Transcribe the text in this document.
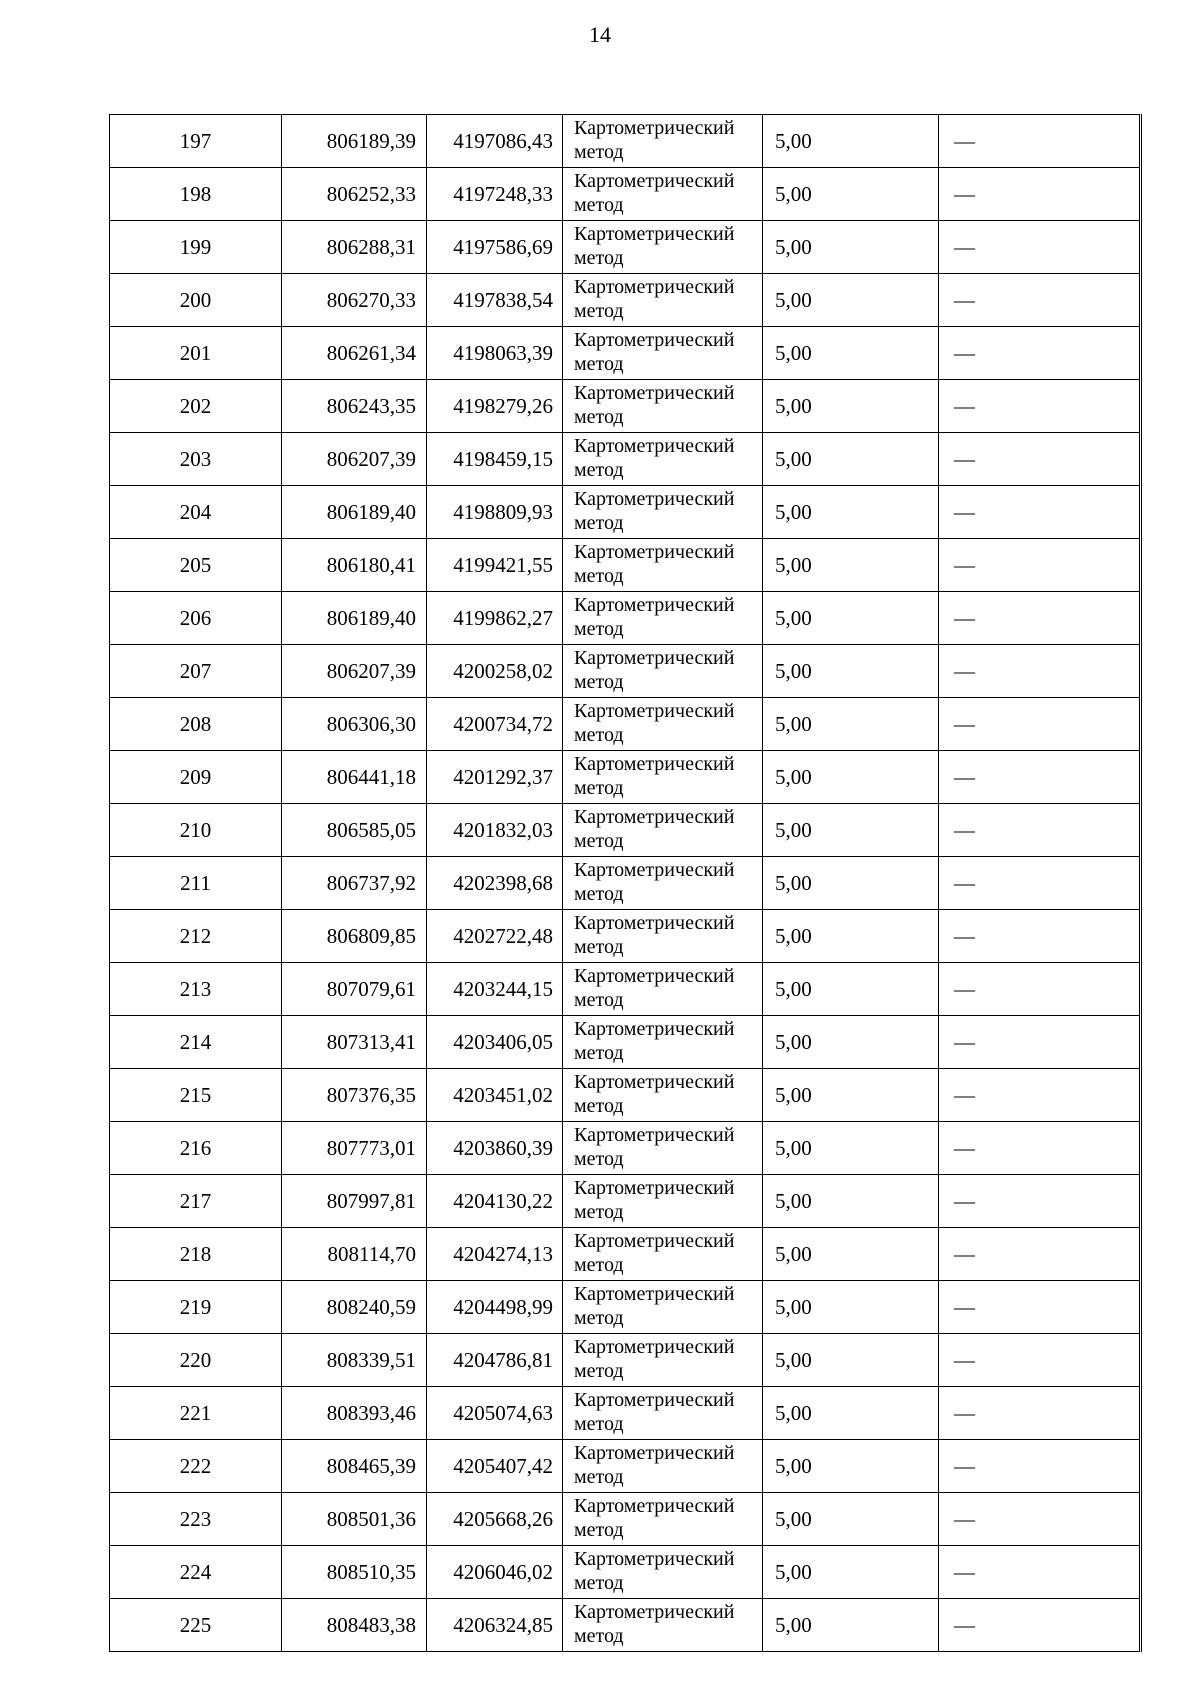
14
197	806189,39	4197086,43	Картометрический
метод	5,00	—
198	806252,33	4197248,33	Картометрический
метод	5,00	—
199	806288,31	4197586,69	Картометрический
метод	5,00	—
200	806270,33	4197838,54	Картометрический
метод	5,00	—
201	806261,34	4198063,39	Картометрический
метод	5,00	—
202	806243,35	4198279,26	Картометрический
метод	5,00	—
203	806207,39	4198459,15	Картометрический
метод	5,00	—
204	806189,40	4198809,93	Картометрический
метод	5,00	—
205	806180,41	4199421,55	Картометрический
метод	5,00	—
206	806189,40	4199862,27	Картометрический
метод	5,00	—
207	806207,39	4200258,02	Картометрический
метод	5,00	—
208	806306,30	4200734,72	Картометрический
метод	5,00	—
209	806441,18	4201292,37	Картометрический
метод	5,00	—
210	806585,05	4201832,03	Картометрический
метод	5,00	—
211	806737,92	4202398,68	Картометрический
метод	5,00	—
212	806809,85	4202722,48	Картометрический
метод	5,00	—
213	807079,61	4203244,15	Картометрический
метод	5,00	—
214	807313,41	4203406,05	Картометрический
метод	5,00	—
215	807376,35	4203451,02	Картометрический
метод	5,00	—
216	807773,01	4203860,39	Картометрический
метод	5,00	—
217	807997,81	4204130,22	Картометрический
метод	5,00	—
218	808114,70	4204274,13	Картометрический
метод	5,00	—
219	808240,59	4204498,99	Картометрический
метод	5,00	—
220	808339,51	4204786,81	Картометрический
метод	5,00	—
221	808393,46	4205074,63	Картометрический
метод	5,00	—
222	808465,39	4205407,42	Картометрический
метод	5,00	—
223	808501,36	4205668,26	Картометрический
метод	5,00	—
224	808510,35	4206046,02	Картометрический
метод	5,00	—
225	808483,38	4206324,85	Картометрический
метод	5,00	—
